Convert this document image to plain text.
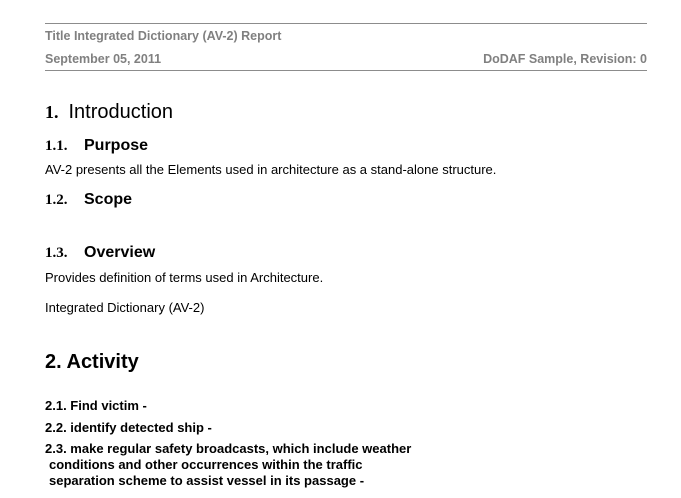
Title Integrated Dictionary (AV-2) Report
September 05, 2011	DoDAF Sample, Revision: 0
1. Introduction
1.1. Purpose
AV-2 presents all the Elements used in architecture as a stand-alone structure.
1.2. Scope
1.3. Overview
Provides definition of terms used in Architecture.
Integrated Dictionary (AV-2)
2. Activity
2.1. Find victim -
2.2. identify detected ship -
2.3. make regular safety broadcasts, which include weather
conditions and other occurrences within the traffic
separation scheme to assist vessel in its passage -
